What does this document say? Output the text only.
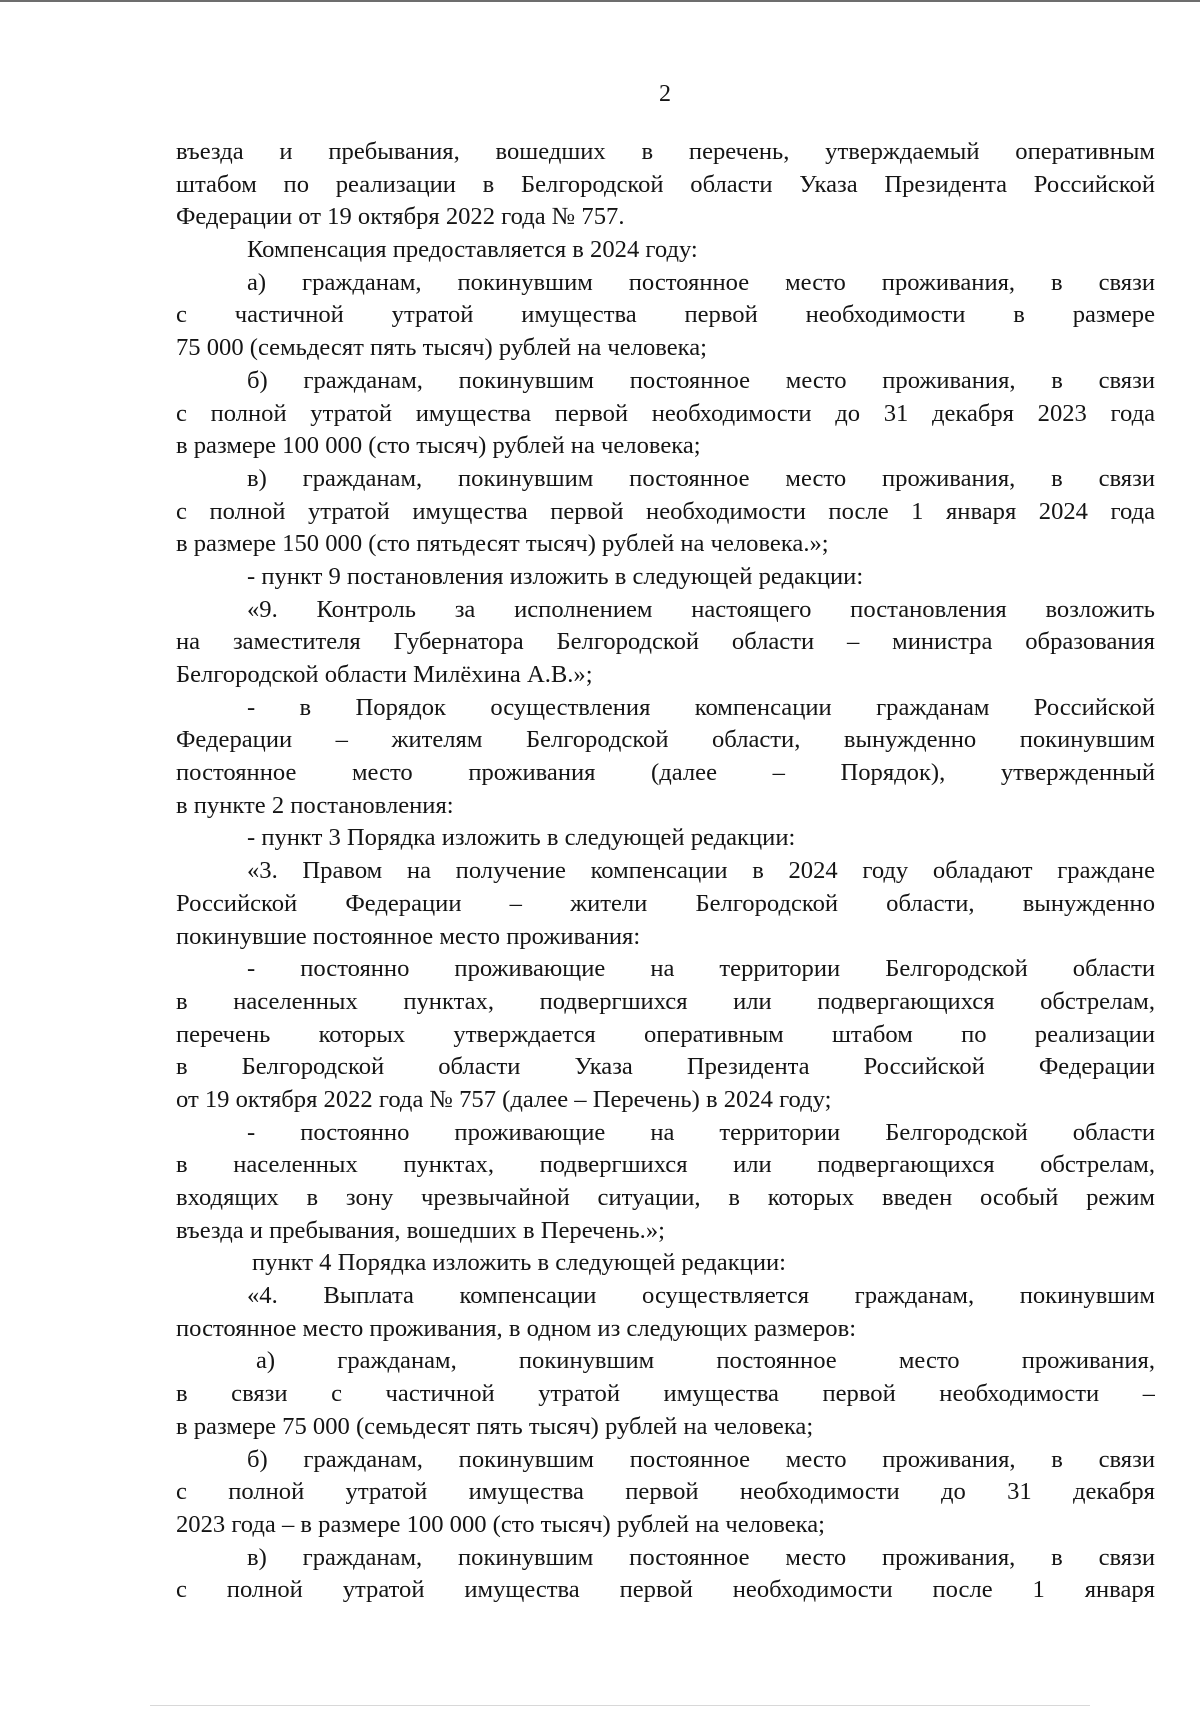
2
въезда и пребывания, вошедших в перечень, утверждаемый оперативным
штабом по реализации в Белгородской области Указа Президента Российской
Федерации от 19 октября 2022 года № 757.
Компенсация предоставляется в 2024 году:
а) гражданам, покинувшим постоянное место проживания, в связи
с частичной утратой имущества первой необходимости в размере
75 000 (семьдесят пять тысяч) рублей на человека;
б) гражданам, покинувшим постоянное место проживания, в связи
с полной утратой имущества первой необходимости до 31 декабря 2023 года
в размере 100 000 (сто тысяч) рублей на человека;
в) гражданам, покинувшим постоянное место проживания, в связи
с полной утратой имущества первой необходимости после 1 января 2024 года
в размере 150 000 (сто пятьдесят тысяч) рублей на человека.»;
- пункт 9 постановления изложить в следующей редакции:
«9. Контроль за исполнением настоящего постановления возложить
на заместителя Губернатора Белгородской области – министра образования
Белгородской области Милёхина А.В.»;
- в Порядок осуществления компенсации гражданам Российской
Федерации – жителям Белгородской области, вынужденно покинувшим
постоянное место проживания (далее – Порядок), утвержденный
в пункте 2 постановления:
- пункт 3 Порядка изложить в следующей редакции:
«3. Правом на получение компенсации в 2024 году обладают граждане
Российской Федерации – жители Белгородской области, вынужденно
покинувшие постоянное место проживания:
- постоянно проживающие на территории Белгородской области
в населенных пунктах, подвергшихся или подвергающихся обстрелам,
перечень которых утверждается оперативным штабом по реализации
в Белгородской области Указа Президента Российской Федерации
от 19 октября 2022 года № 757 (далее – Перечень) в 2024 году;
- постоянно проживающие на территории Белгородской области
в населенных пунктах, подвергшихся или подвергающихся обстрелам,
входящих в зону чрезвычайной ситуации, в которых введен особый режим
въезда и пребывания, вошедших в Перечень.»;
пункт 4 Порядка изложить в следующей редакции:
«4. Выплата компенсации осуществляется гражданам, покинувшим
постоянное место проживания, в одном из следующих размеров:
а) гражданам, покинувшим постоянное место проживания,
в связи с частичной утратой имущества первой необходимости –
в размере 75 000 (семьдесят пять тысяч) рублей на человека;
б) гражданам, покинувшим постоянное место проживания, в связи
с полной утратой имущества первой необходимости до 31 декабря
2023 года – в размере 100 000 (сто тысяч) рублей на человека;
в) гражданам, покинувшим постоянное место проживания, в связи
с полной утратой имущества первой необходимости после 1 января
